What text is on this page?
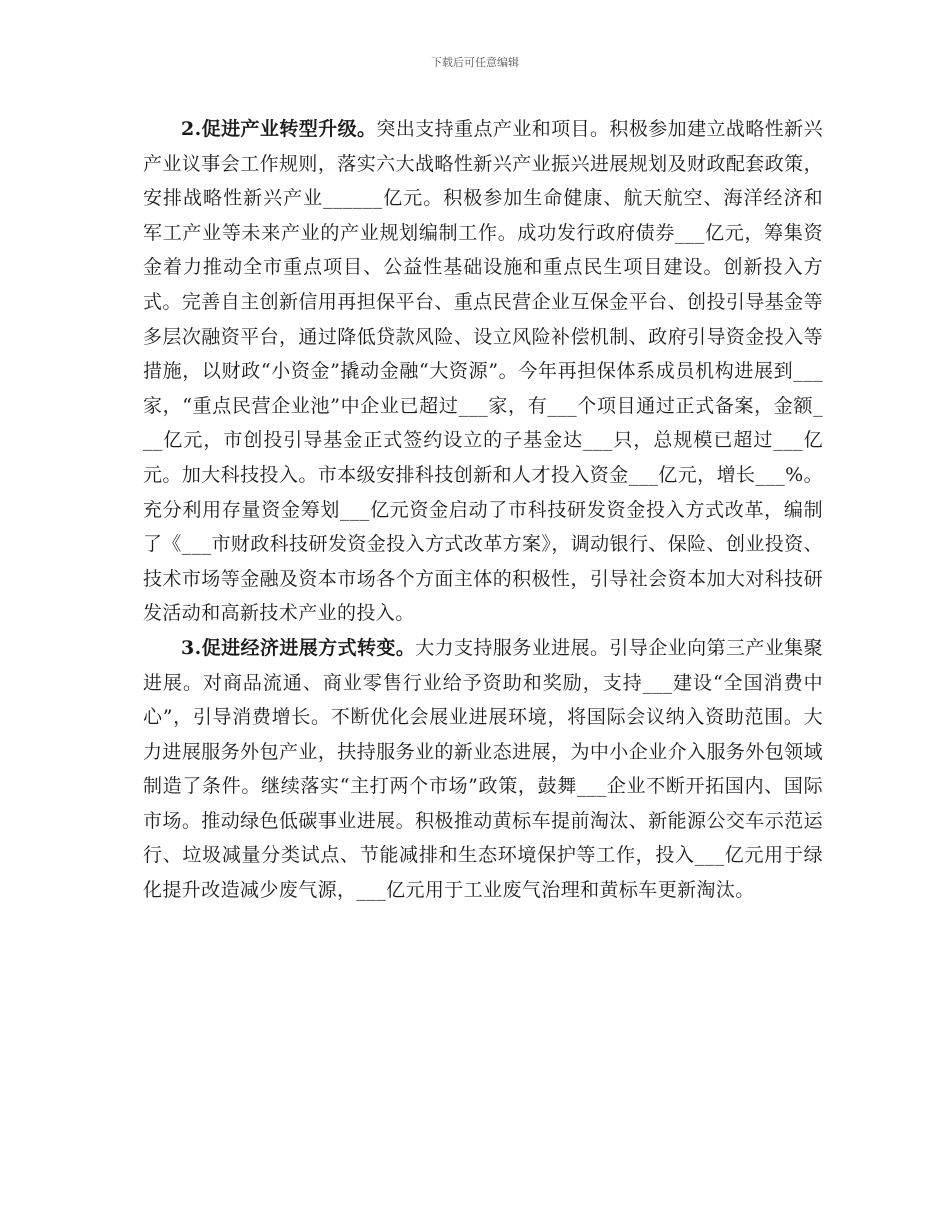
下载后可任意编辑

2.促进产业转型升级。突出支持重点产业和项目。积极参加建立战略性新兴产业议事会工作规则，落实六大战略性新兴产业振兴进展规划及财政配套政策，安排战略性新兴产业______亿元。积极参加生命健康、航天航空、海洋经济和军工产业等未来产业的产业规划编制工作。成功发行政府债券___亿元，筹集资金着力推动全市重点项目、公益性基础设施和重点民生项目建设。创新投入方式。完善自主创新信用再担保平台、重点民营企业互保金平台、创投引导基金等多层次融资平台，通过降低贷款风险、设立风险补偿机制、政府引导资金投入等措施，以财政“小资金”撬动金融“大资源”。今年再担保体系成员机构进展到___家，“重点民营企业池”中企业已超过___家，有___个项目通过正式备案，金额___亿元，市创投引导基金正式签约设立的子基金达___只，总规模已超过___亿元。加大科技投入。市本级安排科技创新和人才投入资金___亿元，增长___%。充分利用存量资金筹划___亿元资金启动了市科技研发资金投入方式改革，编制了《___市财政科技研发资金投入方式改革方案》，调动银行、保险、创业投资、技术市场等金融及资本市场各个方面主体的积极性，引导社会资本加大对科技研发活动和高新技术产业的投入。

3.促进经济进展方式转变。大力支持服务业进展。引导企业向第三产业集聚进展。对商品流通、商业零售行业给予资助和奖励，支持___建设“全国消费中心”，引导消费增长。不断优化会展业进展环境，将国际会议纳入资助范围。大力进展服务外包产业，扶持服务业的新业态进展，为中小企业介入服务外包领域制造了条件。继续落实“主打两个市场”政策，鼓舞___企业不断开拓国内、国际市场。推动绿色低碳事业进展。积极推动黄标车提前淘汰、新能源公交车示范运行、垃圾减量分类试点、节能减排和生态环境保护等工作，投入___亿元用于绿化提升改造减少废气源，___亿元用于工业废气治理和黄标车更新淘汰。
